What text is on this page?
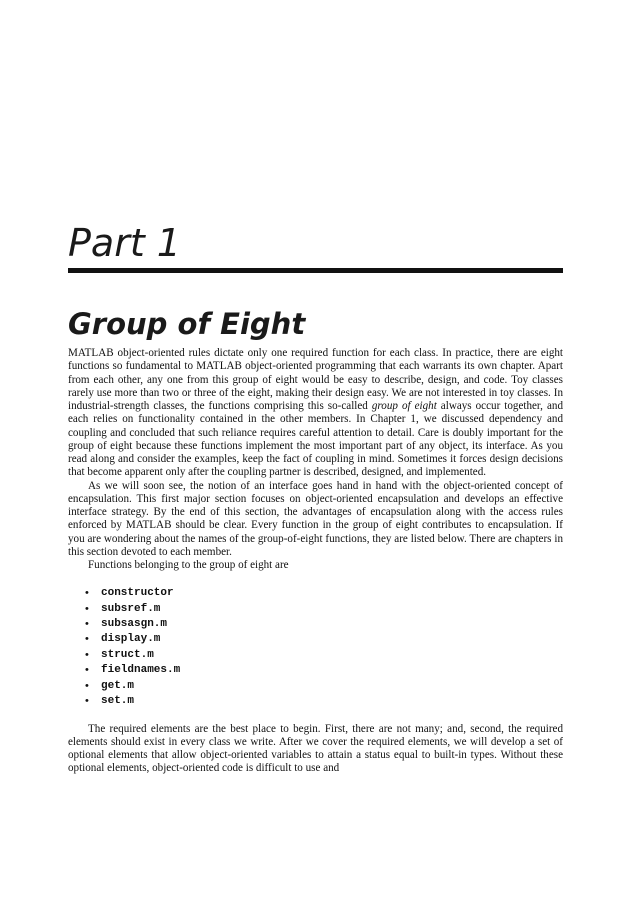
Part 1
Group of Eight

MATLAB object-oriented rules dictate only one required function for each class. In practice, there are eight functions so fundamental to MATLAB object-oriented programming that each warrants its own chapter. Apart from each other, any one from this group of eight would be easy to describe, design, and code. Toy classes rarely use more than two or three of the eight, making their design easy. We are not interested in toy classes. In industrial-strength classes, the functions comprising this so-called group of eight always occur together, and each relies on functionality contained in the other members. In Chapter 1, we discussed dependency and coupling and concluded that such reliance requires careful attention to detail. Care is doubly important for the group of eight because these functions implement the most important part of any object, its interface. As you read along and consider the examples, keep the fact of coupling in mind. Sometimes it forces design decisions that become apparent only after the coupling partner is described, designed, and implemented.

As we will soon see, the notion of an interface goes hand in hand with the object-oriented concept of encapsulation. This first major section focuses on object-oriented encapsulation and develops an effective interface strategy. By the end of this section, the advantages of encapsulation along with the access rules enforced by MATLAB should be clear. Every function in the group of eight contributes to encapsulation. If you are wondering about the names of the group-of-eight functions, they are listed below. There are chapters in this section devoted to each member.

Functions belonging to the group of eight are

• constructor
• subsref.m
• subsasgn.m
• display.m
• struct.m
• fieldnames.m
• get.m
• set.m

The required elements are the best place to begin. First, there are not many; and, second, the required elements should exist in every class we write. After we cover the required elements, we will develop a set of optional elements that allow object-oriented variables to attain a status equal to built-in types. Without these optional elements, object-oriented code is difficult to use and
